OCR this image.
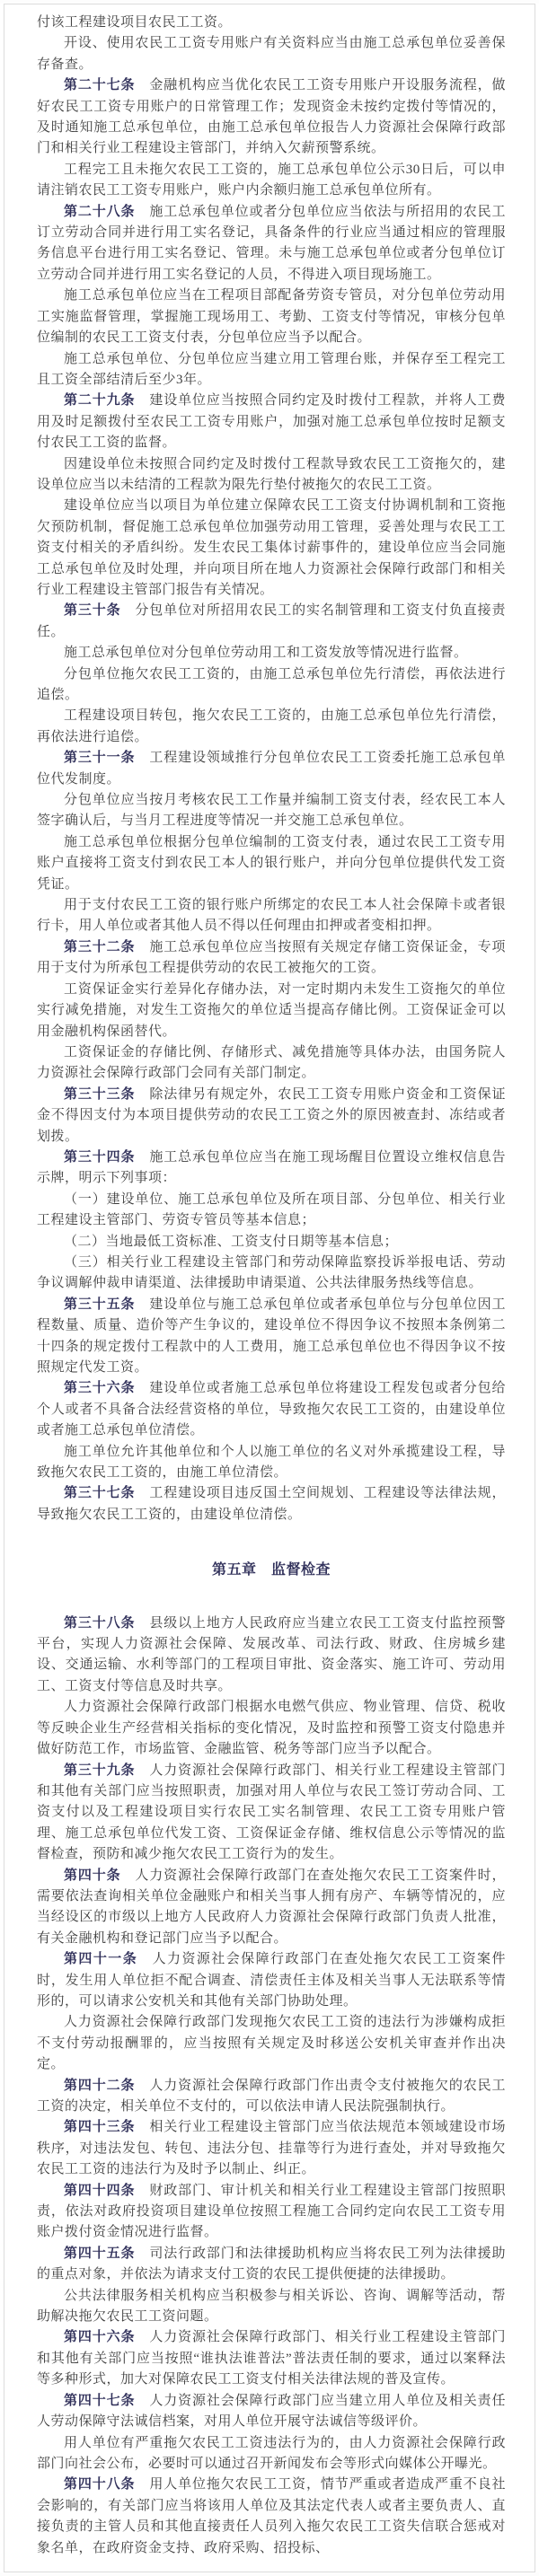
付该工程建设项目农民工工资。

开设、使用农民工工资专用账户有关资料应当由施工总承包单位妥善保存备查。

第二十七条　 金融机构应当优化农民工工资专用账户开设服务流程，做好农民工工资专用账户的日常管理工作；发现资金未按约定拨付等情况的，及时通知施工总承包单位，由施工总承包单位报告人力资源社会保障行政部门和相关行业工程建设主管部门，并纳入欠薪预警系统。

工程完工且未拖欠农民工工资的，施工总承包单位公示30日后，可以申请注销农民工工资专用账户，账户内余额归施工总承包单位所有。

第二十八条　 施工总承包单位或者分包单位应当依法与所招用的农民工订立劳动合同并进行用工实名登记，具备条件的行业应当通过相应的管理服务信息平台进行用工实名登记、管理。未与施工总承包单位或者分包单位订立劳动合同并进行用工实名登记的人员，不得进入项目现场施工。

施工总承包单位应当在工程项目部配备劳资专管员，对分包单位劳动用工实施监督管理，掌握施工现场用工、考勤、工资支付等情况，审核分包单位编制的农民工工资支付表，分包单位应当予以配合。

施工总承包单位、分包单位应当建立用工管理台账，并保存至工程完工且工资全部结清后至少3年。

第二十九条　 建设单位应当按照合同约定及时拨付工程款，并将人工费用及时足额拨付至农民工工资专用账户，加强对施工总承包单位按时足额支付农民工工资的监督。

因建设单位未按照合同约定及时拨付工程款导致农民工工资拖欠的，建设单位应当以未结清的工程款为限先行垫付被拖欠的农民工工资。

建设单位应当以项目为单位建立保障农民工工资支付协调机制和工资拖欠预防机制，督促施工总承包单位加强劳动用工管理，妥善处理与农民工工资支付相关的矛盾纠纷。发生农民工集体讨薪事件的，建设单位应当会同施工总承包单位及时处理，并向项目所在地人力资源社会保障行政部门和相关行业工程建设主管部门报告有关情况。

第三十条　 分包单位对所招用农民工的实名制管理和工资支付负直接责任。

施工总承包单位对分包单位劳动用工和工资发放等情况进行监督。

分包单位拖欠农民工工资的，由施工总承包单位先行清偿，再依法进行追偿。

工程建设项目转包，拖欠农民工工资的，由施工总承包单位先行清偿，再依法进行追偿。

第三十一条　 工程建设领域推行分包单位农民工工资委托施工总承包单位代发制度。

分包单位应当按月考核农民工工作量并编制工资支付表，经农民工本人签字确认后，与当月工程进度等情况一并交施工总承包单位。

施工总承包单位根据分包单位编制的工资支付表，通过农民工工资专用账户直接将工资支付到农民工本人的银行账户，并向分包单位提供代发工资凭证。

用于支付农民工工资的银行账户所绑定的农民工本人社会保障卡或者银行卡，用人单位或者其他人员不得以任何理由扣押或者变相扣押。

第三十二条　 施工总承包单位应当按照有关规定存储工资保证金，专项用于支付为所承包工程提供劳动的农民工被拖欠的工资。

工资保证金实行差异化存储办法，对一定时期内未发生工资拖欠的单位实行减免措施，对发生工资拖欠的单位适当提高存储比例。工资保证金可以用金融机构保函替代。

工资保证金的存储比例、存储形式、减免措施等具体办法，由国务院人力资源社会保障行政部门会同有关部门制定。

第三十三条　 除法律另有规定外，农民工工资专用账户资金和工资保证金不得因支付为本项目提供劳动的农民工工资之外的原因被查封、冻结或者划拨。

第三十四条　 施工总承包单位应当在施工现场醒目位置设立维权信息告示牌，明示下列事项：

（一）建设单位、施工总承包单位及所在项目部、分包单位、相关行业工程建设主管部门、劳资专管员等基本信息；

（二）当地最低工资标准、工资支付日期等基本信息；

（三）相关行业工程建设主管部门和劳动保障监察投诉举报电话、劳动争议调解仲裁申请渠道、法律援助申请渠道、公共法律服务热线等信息。

第三十五条　 建设单位与施工总承包单位或者承包单位与分包单位因工程数量、质量、造价等产生争议的，建设单位不得因争议不按照本条例第二十四条的规定拨付工程款中的人工费用，施工总承包单位也不得因争议不按照规定代发工资。

第三十六条　 建设单位或者施工总承包单位将建设工程发包或者分包给个人或者不具备合法经营资格的单位，导致拖欠农民工工资的，由建设单位或者施工总承包单位清偿。

施工单位允许其他单位和个人以施工单位的名义对外承揽建设工程，导致拖欠农民工工资的，由施工单位清偿。

第三十七条　 工程建设项目违反国土空间规划、工程建设等法律法规，导致拖欠农民工工资的，由建设单位清偿。

第五章　监督检查

第三十八条　 县级以上地方人民政府应当建立农民工工资支付监控预警平台，实现人力资源社会保障、发展改革、司法行政、财政、住房城乡建设、交通运输、水利等部门的工程项目审批、资金落实、施工许可、劳动用工、工资支付等信息及时共享。

人力资源社会保障行政部门根据水电燃气供应、物业管理、信贷、税收等反映企业生产经营相关指标的变化情况，及时监控和预警工资支付隐患并做好防范工作，市场监管、金融监管、税务等部门应当予以配合。

第三十九条　 人力资源社会保障行政部门、相关行业工程建设主管部门和其他有关部门应当按照职责，加强对用人单位与农民工签订劳动合同、工资支付以及工程建设项目实行农民工实名制管理、农民工工资专用账户管理、施工总承包单位代发工资、工资保证金存储、维权信息公示等情况的监督检查，预防和减少拖欠农民工工资行为的发生。

第四十条　 人力资源社会保障行政部门在查处拖欠农民工工资案件时，需要依法查询相关单位金融账户和相关当事人拥有房产、车辆等情况的，应当经设区的市级以上地方人民政府人力资源社会保障行政部门负责人批准，有关金融机构和登记部门应当予以配合。

第四十一条　 人力资源社会保障行政部门在查处拖欠农民工工资案件时，发生用人单位拒不配合调查、清偿责任主体及相关当事人无法联系等情形的，可以请求公安机关和其他有关部门协助处理。

人力资源社会保障行政部门发现拖欠农民工工资的违法行为涉嫌构成拒不支付劳动报酬罪的，应当按照有关规定及时移送公安机关审查并作出决定。

第四十二条　 人力资源社会保障行政部门作出责令支付被拖欠的农民工工资的决定，相关单位不支付的，可以依法申请人民法院强制执行。

第四十三条　 相关行业工程建设主管部门应当依法规范本领域建设市场秩序，对违法发包、转包、违法分包、挂靠等行为进行查处，并对导致拖欠农民工工资的违法行为及时予以制止、纠正。

第四十四条　 财政部门、审计机关和相关行业工程建设主管部门按照职责，依法对政府投资项目建设单位按照工程施工合同约定向农民工工资专用账户拨付资金情况进行监督。

第四十五条　 司法行政部门和法律援助机构应当将农民工列为法律援助的重点对象，并依法为请求支付工资的农民工提供便捷的法律援助。

公共法律服务相关机构应当积极参与相关诉讼、咨询、调解等活动，帮助解决拖欠农民工工资问题。

第四十六条　 人力资源社会保障行政部门、相关行业工程建设主管部门和其他有关部门应当按照“谁执法谁普法”普法责任制的要求，通过以案释法等多种形式，加大对保障农民工工资支付相关法律法规的普及宣传。

第四十七条　 人力资源社会保障行政部门应当建立用人单位及相关责任人劳动保障守法诚信档案，对用人单位开展守法诚信等级评价。

用人单位有严重拖欠农民工工资违法行为的，由人力资源社会保障行政部门向社会公布，必要时可以通过召开新闻发布会等形式向媒体公开曝光。

第四十八条　 用人单位拖欠农民工工资，情节严重或者造成严重不良社会影响的，有关部门应当将该用人单位及其法定代表人或者主要负责人、直接负责的主管人员和其他直接责任人员列入拖欠农民工工资失信联合惩戒对象名单，在政府资金支持、政府采购、招投标、
